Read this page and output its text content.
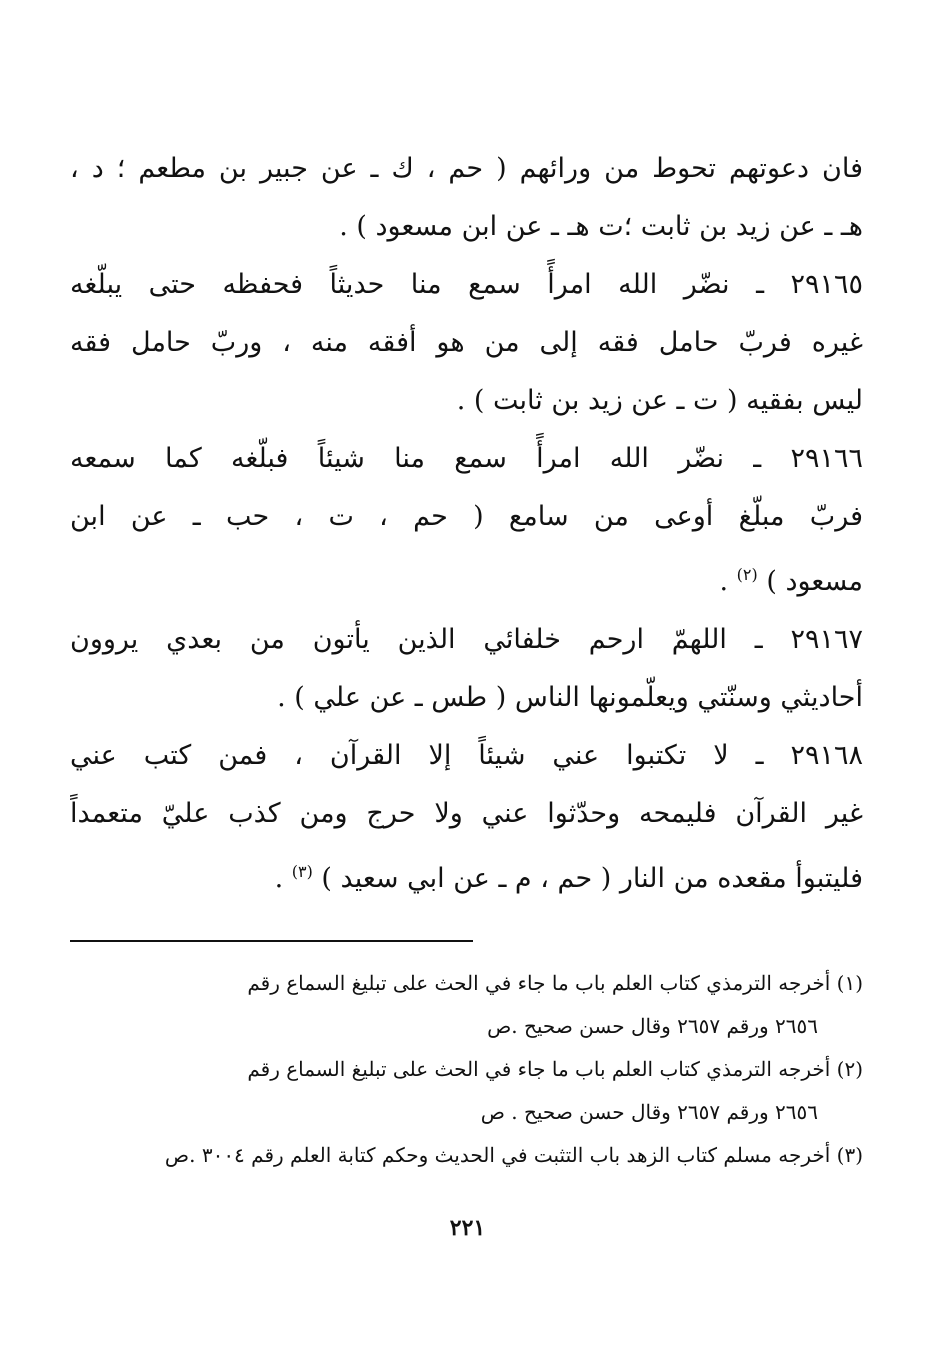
فان دعوتهم تحوط من ورائهم ( حم ، ك ـ عن جبير بن مطعم ؛ د ،
هـ ـ عن زيد بن ثابت ؛ت هـ ـ عن ابن مسعود ) .
٢٩١٦٥ ـ نضّر الله امرأً سمع منا حديثاً فحفظه حتى يبلّغه
غيره فربّ حامل فقه إلى من هو أفقه منه ، وربّ حامل فقه
ليس بفقيه ( ت ـ عن زيد بن ثابت ) .
٢٩١٦٦ ـ نضّر الله امرأً سمع منا شيئاً فبلّغه كما سمعه
فربّ مبلّغ أوعى من سامع ( حم ، ت ، حب ـ عن ابن
مسعود ) $^{(٢)}$ .
٢٩١٦٧ ـ اللهمّ ارحم خلفائي الذين يأتون من بعدي يروون
أحاديثي وسنّتي ويعلّمونها الناس ( طس ـ عن علي ) .
٢٩١٦٨ ـ لا تكتبوا عني شيئاً إلا القرآن ، فمن كتب عني
غير القرآن فليمحه وحدّثوا عني ولا حرج ومن كذب عليّ متعمداً
فليتبوأ مقعده من النار ( حم ، م ـ عن ابي سعيد ) $^{(٣)}$ .
(١) أخرجه الترمذي كتاب العلم باب ما جاء في الحث على تبليغ السماع رقم
٢٦٥٦ ورقم ٢٦٥٧ وقال حسن صحيح .ص
(٢) أخرجه الترمذي كتاب العلم باب ما جاء في الحث على تبليغ السماع رقم
٢٦٥٦ ورقم ٢٦٥٧ وقال حسن صحيح . ص
(٣) أخرجه مسلم كتاب الزهد باب التثبت في الحديث وحكم كتابة العلم رقم ٣٠٠٤ .ص
٢٢١
